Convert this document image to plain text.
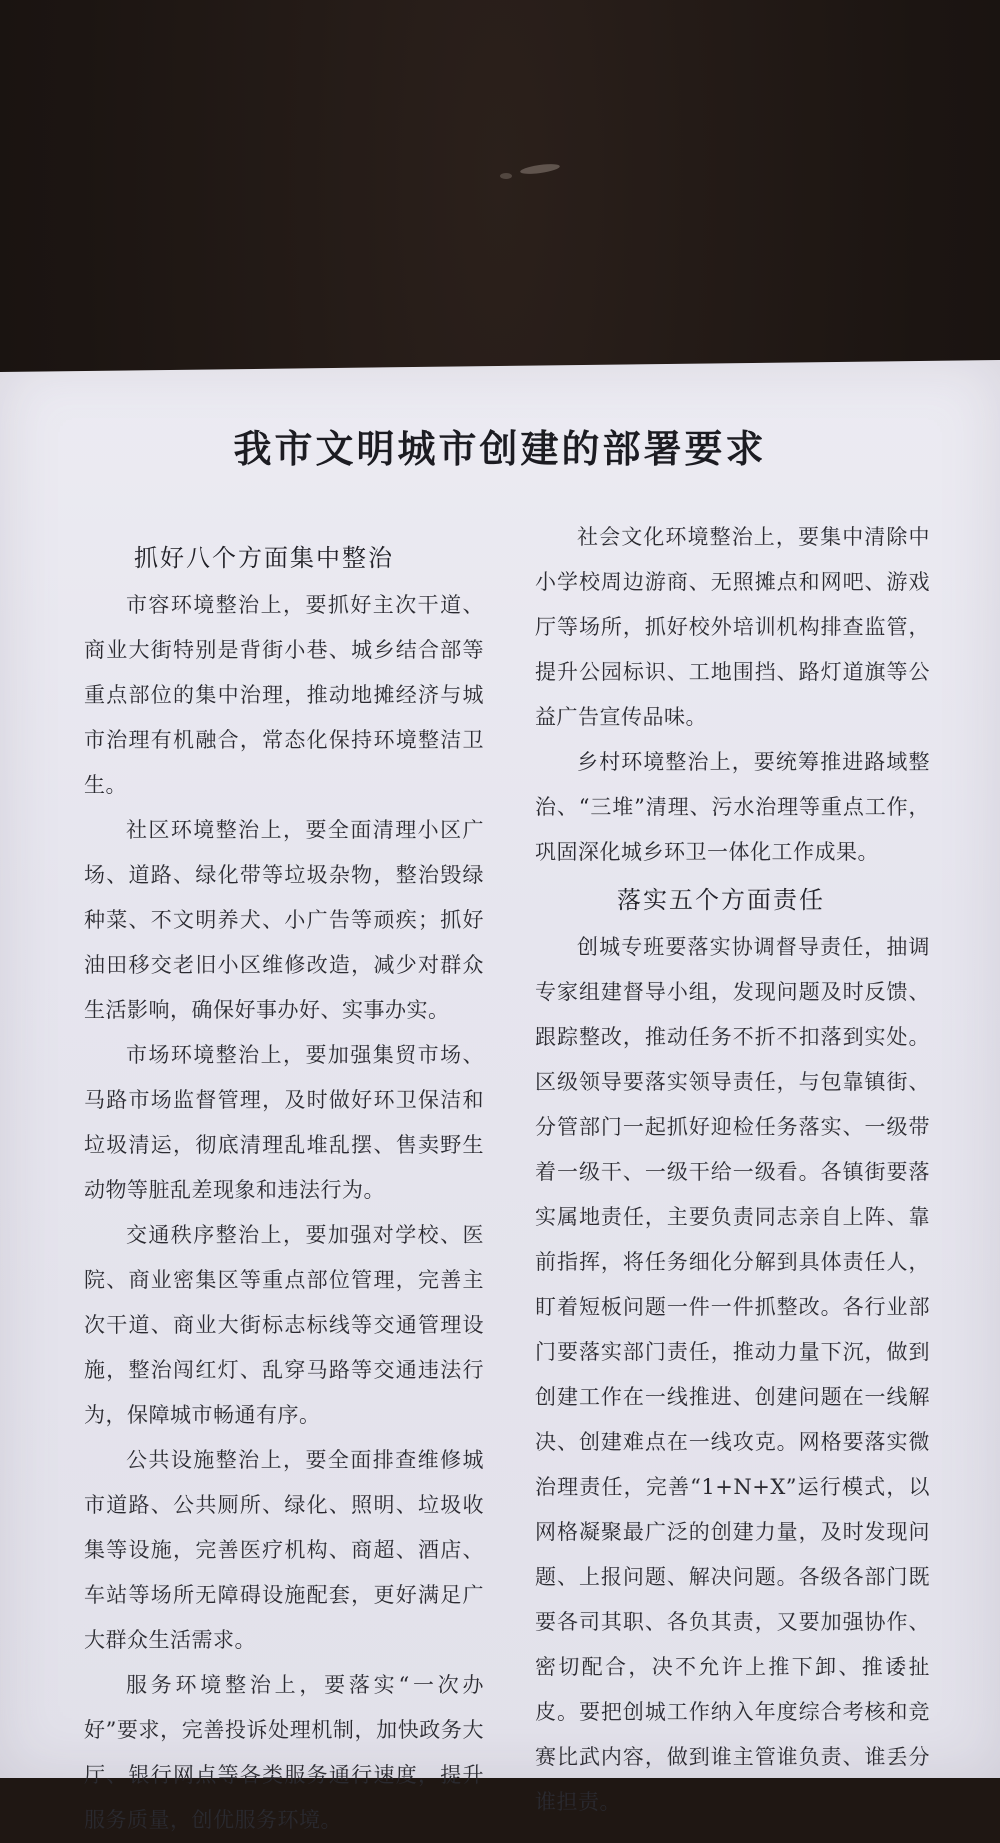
我市文明城市创建的部署要求
抓好八个方面集中整治

市容环境整治上，要抓好主次干道、商业大街特别是背街小巷、城乡结合部等重点部位的集中治理，推动地摊经济与城市治理有机融合，常态化保持环境整洁卫生。

社区环境整治上，要全面清理小区广场、道路、绿化带等垃圾杂物，整治毁绿种菜、不文明养犬、小广告等顽疾；抓好油田移交老旧小区维修改造，减少对群众生活影响，确保好事办好、实事办实。

市场环境整治上，要加强集贸市场、马路市场监督管理，及时做好环卫保洁和垃圾清运，彻底清理乱堆乱摆、售卖野生动物等脏乱差现象和违法行为。

交通秩序整治上，要加强对学校、医院、商业密集区等重点部位管理，完善主次干道、商业大街标志标线等交通管理设施，整治闯红灯、乱穿马路等交通违法行为，保障城市畅通有序。

公共设施整治上，要全面排查维修城市道路、公共厕所、绿化、照明、垃圾收集等设施，完善医疗机构、商超、酒店、车站等场所无障碍设施配套，更好满足广大群众生活需求。

服务环境整治上，要落实“一次办好”要求，完善投诉处理机制，加快政务大厅、银行网点等各类服务通行速度，提升服务质量，创优服务环境。

社会文化环境整治上，要集中清除中小学校周边游商、无照摊点和网吧、游戏厅等场所，抓好校外培训机构排查监管，提升公园标识、工地围挡、路灯道旗等公益广告宣传品味。

乡村环境整治上，要统筹推进路域整治、“三堆”清理、污水治理等重点工作，巩固深化城乡环卫一体化工作成果。

落实五个方面责任

创城专班要落实协调督导责任，抽调专家组建督导小组，发现问题及时反馈、跟踪整改，推动任务不折不扣落到实处。区级领导要落实领导责任，与包靠镇街、分管部门一起抓好迎检任务落实、一级带着一级干、一级干给一级看。各镇街要落实属地责任，主要负责同志亲自上阵、靠前指挥，将任务细化分解到具体责任人，盯着短板问题一件一件抓整改。各行业部门要落实部门责任，推动力量下沉，做到创建工作在一线推进、创建问题在一线解决、创建难点在一线攻克。网格要落实微治理责任，完善“1+N+X”运行模式，以网格凝聚最广泛的创建力量，及时发现问题、上报问题、解决问题。各级各部门既要各司其职、各负其责，又要加强协作、密切配合，决不允许上推下卸、推诿扯皮。要把创城工作纳入年度综合考核和竞赛比武内容，做到谁主管谁负责、谁丢分谁担责。
